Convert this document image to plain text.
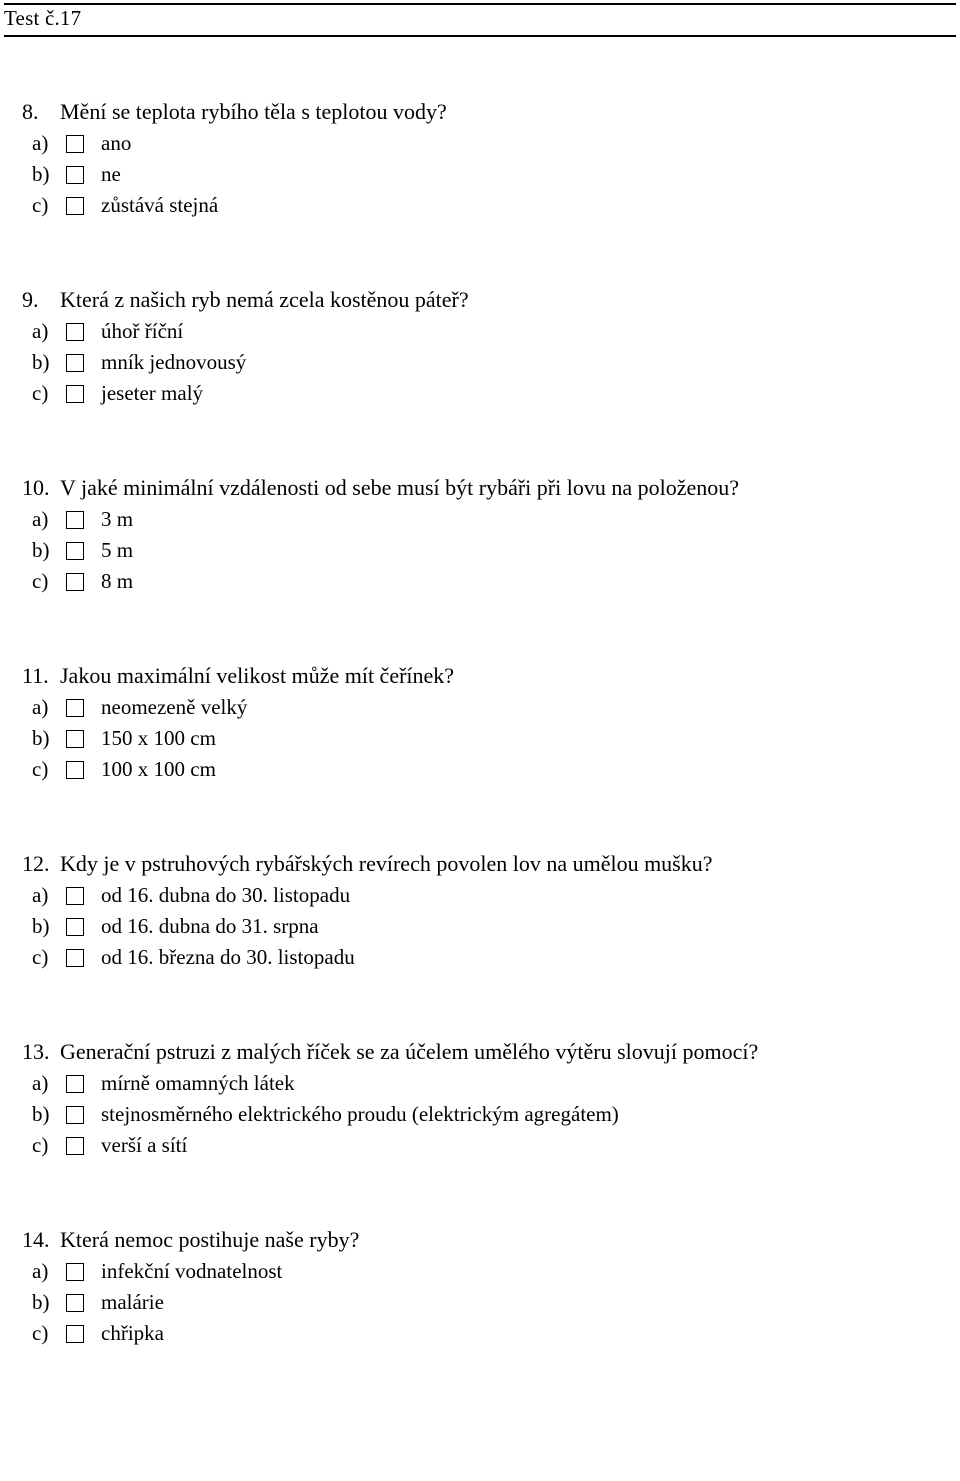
Test č.17
8. Mění se teplota rybího těla s teplotou vody?
a)	ano
b) ne
c)	zůstává stejná
9. Která z našich ryb nemá zcela kostěnou páteř?
a)	úhoř říční
b) mník jednovousý
c)	jeseter malý
10. V jaké minimální vzdálenosti od sebe musí být rybáři při lovu na položenou?
a)	3 m
b) 5 m
c)	8 m
11. Jakou maximální velikost může mít čeřínek?
a)	neomezeně velký
b) 150 x 100 cm
c)	100 x 100 cm
12. Kdy je v pstruhových rybářských revírech povolen lov na umělou mušku?
a)	od 16. dubna do 30. listopadu
b) od 16. dubna do 31. srpna
c)	od 16. března do 30. listopadu
13. Generační pstruzi z malých říček se za účelem umělého výtěru slovují pomocí?
a)	mírně omamných látek
b) stejnosměrného elektrického proudu (elektrickým agregátem)
c)	verší a sítí
14. Která nemoc postihuje naše ryby?
a)	infekční vodnatelnost
b) malárie
c)	chřipka
